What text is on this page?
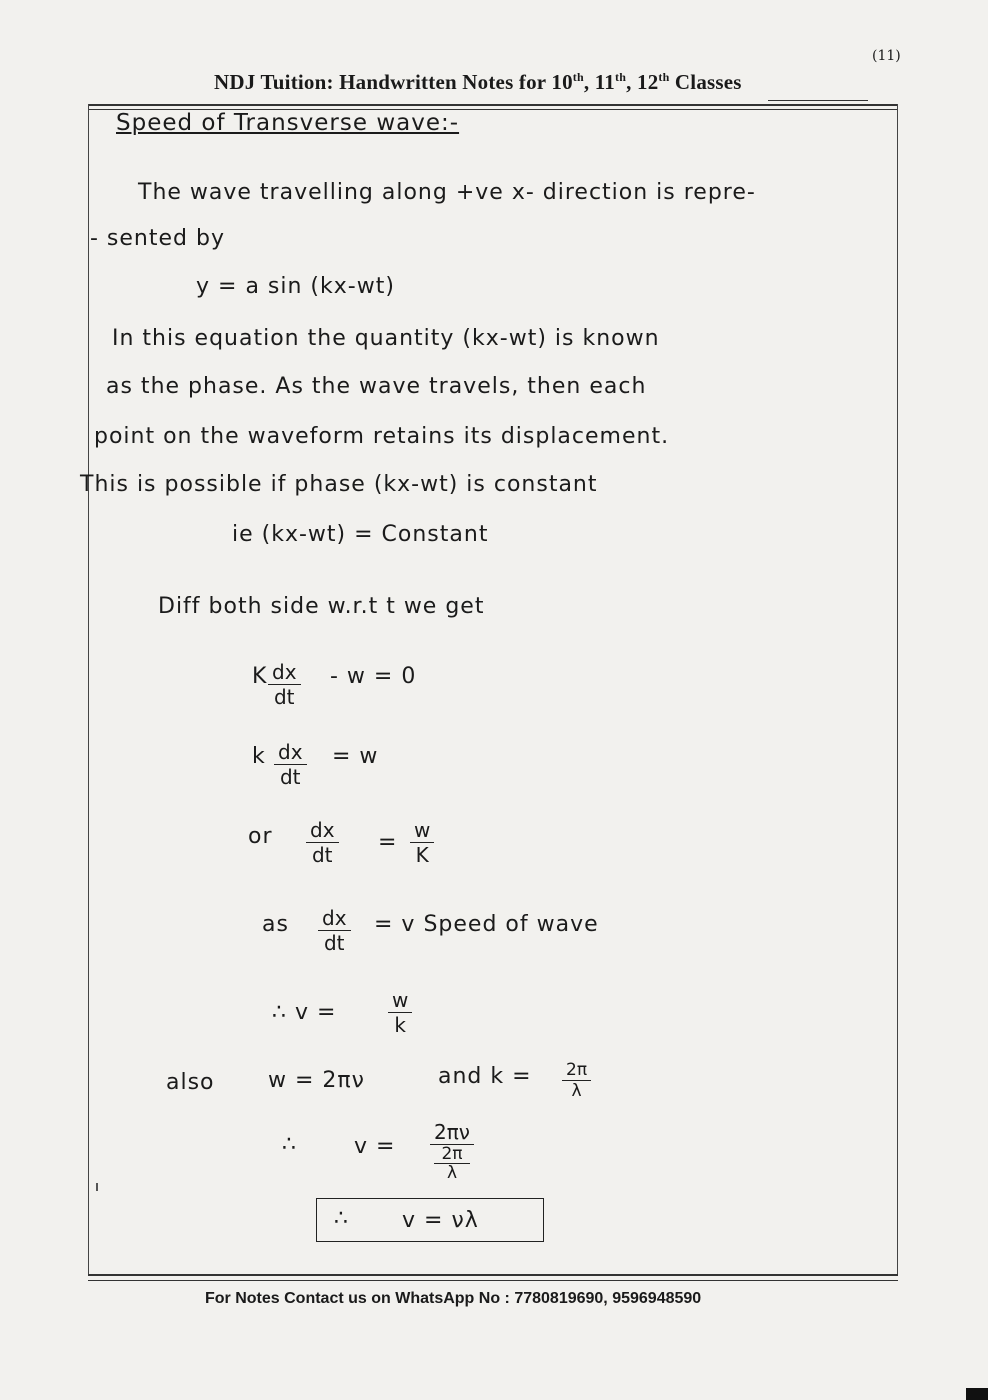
(11)
NDJ Tuition: Handwritten Notes for 10th, 11th, 12th Classes
Speed of Transverse wave:-
The wave travelling along +ve x- direction is repre-
- sented by
y = a sin (kx-wt)
In this equation the quantity (kx-wt) is known
as the phase. As the wave travels, then each
point on the waveform retains its displacement.
This is possible if phase (kx-wt) is constant
ie (kx-wt) = Constant
Diff both side w.r.t t we get
K $\frac{dx}{dt} - w = 0$
k $\frac{dx}{dt} = w$
or $\frac{dx}{dt} = \frac{w}{K}$
as $\frac{dx}{dt} = v$ Speed of wave
∴ v =	$\frac{w}{k}$
also w = 2πν	and $k = \frac{2\pi}{\lambda}$
∴	v = 2πν
2π
λ
∴ v = νλ
For Notes Contact us on WhatsApp No : 7780819690, 9596948590
